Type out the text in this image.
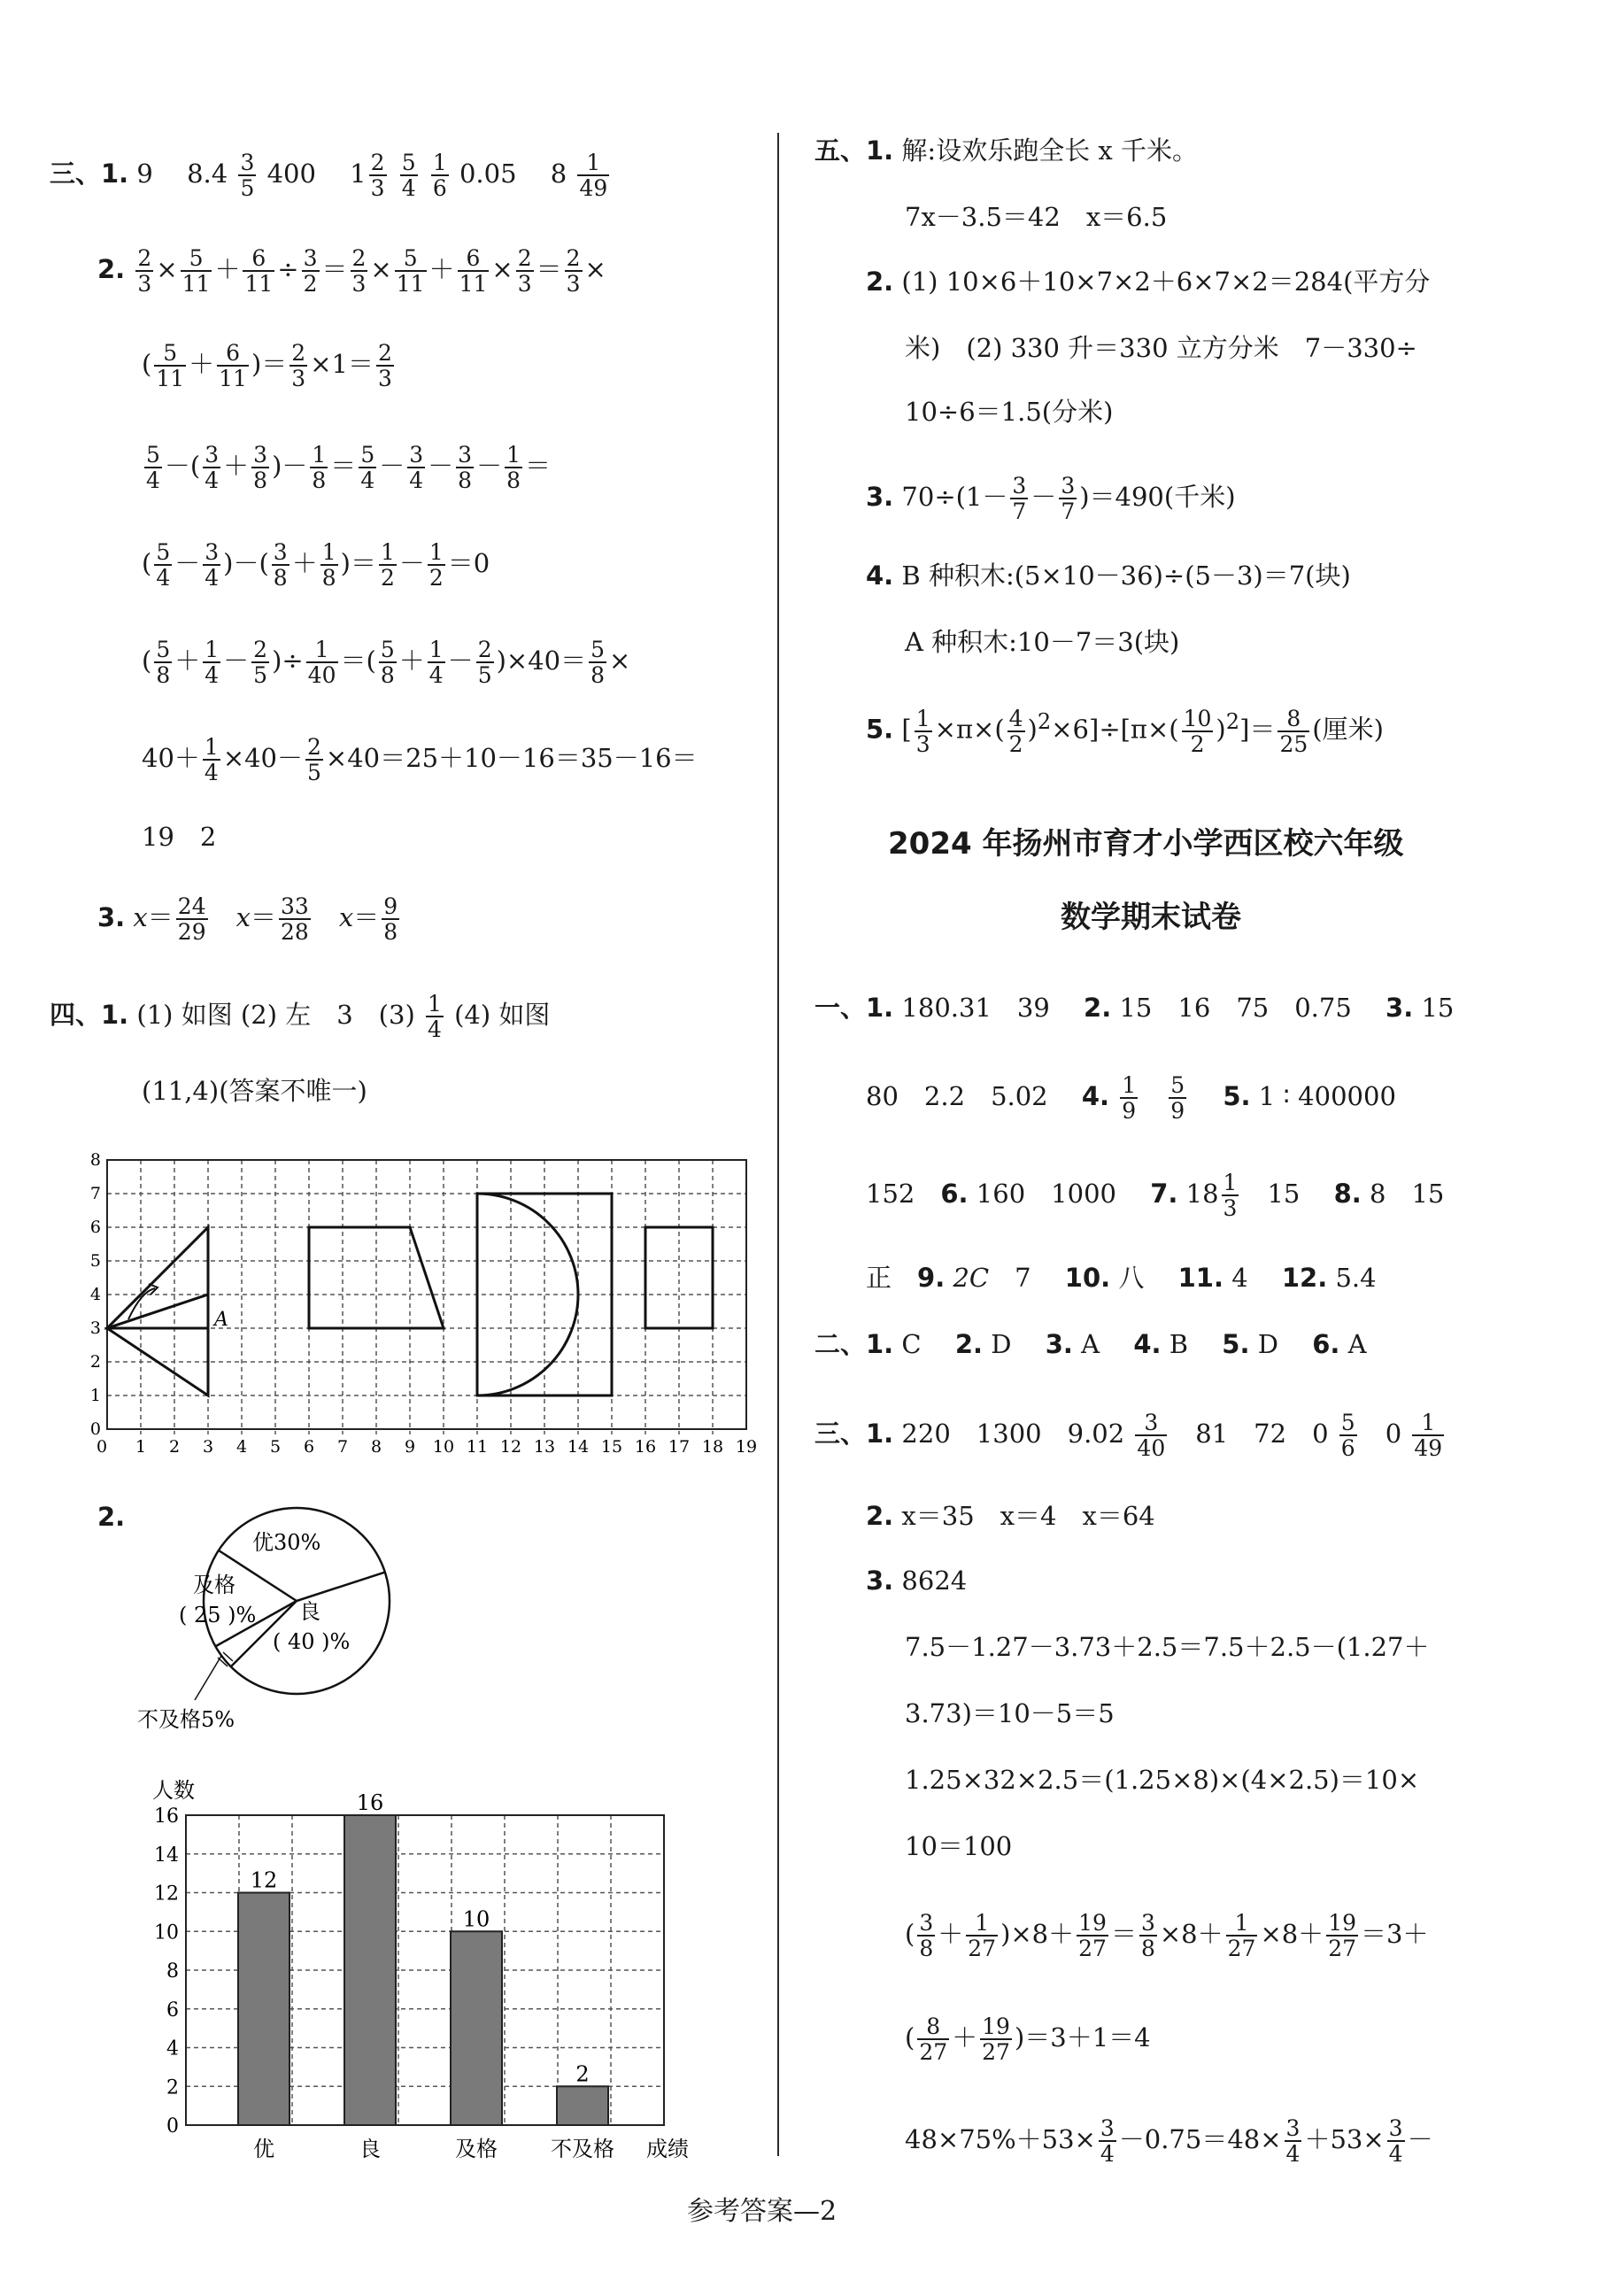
三、1. 9　 $8.4 \frac{3}{5} 400$　 $1 \frac{2}{3}$
$\frac{5}{4}$
$\frac{1}{6} 0.05$　 $8 \frac{1}{49}$
2. $\frac{2}{3} \times \frac{5}{11} + \frac{6}{11} \div \frac{3}{2} = \frac{2}{3} \times \frac{5}{11} + \frac{6}{11} \times \frac{2}{3} = \frac{2}{3}$ ×
( $\frac{5}{11} + \frac{6}{11}$ )＝ $\frac{2}{3} \times 1= \frac{2}{3}$
$\frac{5}{4}$ －( $\frac{3}{4} + \frac{3}{8}$ )－ $\frac{1}{8} = \frac{5}{4} - \frac{3}{4} - \frac{3}{8} - \frac{1}{8}$ ＝
( $\frac{5}{4} - \frac{3}{4}$ )－( $\frac{3}{8} + \frac{1}{8}$ )＝ $\frac{1}{2} - \frac{1}{2} =0$
( $\frac{5}{8} + \frac{1}{4} - \frac{2}{5}$ )÷ $\frac{1}{40}$ ＝( $\frac{5}{8} + \frac{1}{4} - \frac{2}{5} )\times 40= \frac{5}{8}$ ×
$40+ \frac{1}{4} \times 40- \frac{2}{5} \times 40=25+10-16=35-16=$
19　2
3. $x= \frac{24}{29}$
　 $x= \frac{33}{28}$
　 $x= \frac{9}{8}$
四、1. (1) 如图 (2) 左　3　$(3) \frac{1}{4} (4)$ 如图
(11,4)(答案不唯一)
A
0 1 2 3 4 5 6 7 8 9 10 11 12 13 14 15 16 17 18 19
8
7
6
5
4
3
2
1
0
2.
优30%
及格
( 25 )% 良
( 40 )%
不及格5%
人数
成绩
0
2
4
6
8
10
12
14
16
12
16
10
2
优	良	及格	不及格
五、1. 解:设欢乐跑全长 x 千米。
7x－3.5＝42　x＝6.5
2. (1) 10×6＋10×7×2＋6×7×2＝284(平方分
米)　(2) 330 升＝330 立方分米　7－330÷
10÷6＝1.5(分米)
3. $70\div(1- \frac{3}{7} - \frac{3}{7} )=490$(千米)
4. B 种积木:(5×10－36)÷(5－3)＝7(块)
A 种积木:10－7＝3(块)
5. [ $\frac{1}{3} \times\pi\times( \frac{4}{2} )^2\times 6]\div[\pi\times( \frac{10}{2} )^2]= \frac{8}{25}$ (厘米)
2024 年扬州市育才小学西区校六年级
数学期末试卷
一、1. 180.31　 39　 2. 15　 16　 75　 0.75　 3. 15
80　 2.2　 5.02　 4. $\frac{1}{9}$
　 $\frac{5}{9}$
　 5. 1 ∶ 400000
152　 6. 160　 1000　 7. $18 \frac{1}{3}$
　 15　 8. 8　 15
正　 9. 2C　 7　 10. 八　 11. 4　 12. 5.4
二、1. C　 2. D　 3. A　 4. B　 5. D　 6. A
三、1. 220　 1300　 $9.02 \frac{3}{40}$
　 81　 72　 $0 \frac{5}{6}$
　 $0 \frac{1}{49}$
2. x＝35　x＝4　x＝64
3. 8624
7.5－1.27－3.73＋2.5＝7.5＋2.5－(1.27＋
3.73)＝10－5＝5
1.25×32×2.5＝(1.25×8)×(4×2.5)＝10×
10＝100
( $\frac{3}{8} + \frac{1}{27} )\times 8+ \frac{19}{27} = \frac{3}{8} \times 8+ \frac{1}{27} \times 8+ \frac{19}{27} =3+$
( $\frac{8}{27} + \frac{19}{27} )=3+1=4$
$48\times 75\%+53\times \frac{3}{4} -0.75=48\times \frac{3}{4} +53\times \frac{3}{4}$ －
参考答案—2
